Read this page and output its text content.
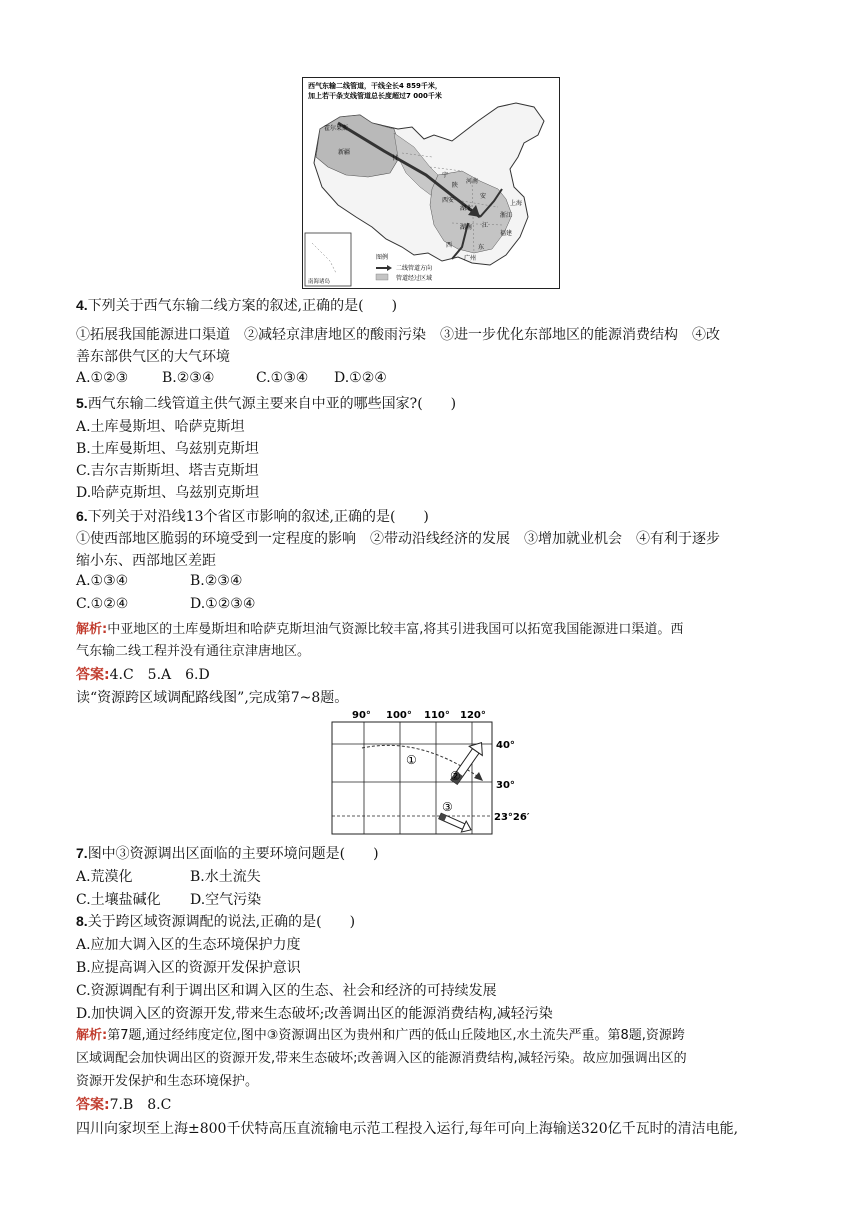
西气东输二线管道，干线全长4 859千米，
加上若干条支线管道总长度超过7 000千米
霍尔果斯
新疆
甘
宁
陕
河南
西安
湖北
安
上海
浙江
江
湖南
福建
西	东
广州
南海诸岛
图例
二线管道方向
管道经过区域
4.下列关于西气东输二线方案的叙述,正确的是(　　)
①拓展我国能源进口渠道　②减轻京津唐地区的酸雨污染　③进一步优化东部地区的能源消费结构　④改
善东部供气区的大气环境
A.①②③ B.②③④	C.①③④ D.①②④
5.西气东输二线管道主供气源主要来自中亚的哪些国家?(　　)
A.土库曼斯坦、哈萨克斯坦
B.土库曼斯坦、乌兹别克斯坦
C.吉尔吉斯斯坦、塔吉克斯坦
D.哈萨克斯坦、乌兹别克斯坦
6.下列关于对沿线13个省区市影响的叙述,正确的是(　　)
①使西部地区脆弱的环境受到一定程度的影响　②带动沿线经济的发展　③增加就业机会　④有利于逐步
缩小东、西部地区差距
A.①③④	B.②③④
C.①②④	D.①②③④
解析:中亚地区的土库曼斯坦和哈萨克斯坦油气资源比较丰富,将其引进我国可以拓宽我国能源进口渠道。西
气东输二线工程并没有通往京津唐地区。
答案:4.C　5.A　6.D
读“资源跨区域调配路线图”,完成第7~8题。
90° 100° 110° 120°
40°
30°
23°26′
①
②
③
7.图中③资源调出区面临的主要环境问题是(　　)
A.荒漠化	B.水土流失
C.土壤盐碱化 D.空气污染
8.关于跨区域资源调配的说法,正确的是(　　)
A.应加大调入区的生态环境保护力度
B.应提高调入区的资源开发保护意识
C.资源调配有利于调出区和调入区的生态、社会和经济的可持续发展
D.加快调入区的资源开发,带来生态破坏;改善调出区的能源消费结构,减轻污染
解析:第7题,通过经纬度定位,图中③资源调出区为贵州和广西的低山丘陵地区,水土流失严重。第8题,资源跨
区域调配会加快调出区的资源开发,带来生态破坏;改善调入区的能源消费结构,减轻污染。故应加强调出区的
资源开发保护和生态环境保护。
答案:7.B　8.C
四川向家坝至上海±800千伏特高压直流输电示范工程投入运行,每年可向上海输送320亿千瓦时的清洁电能,
